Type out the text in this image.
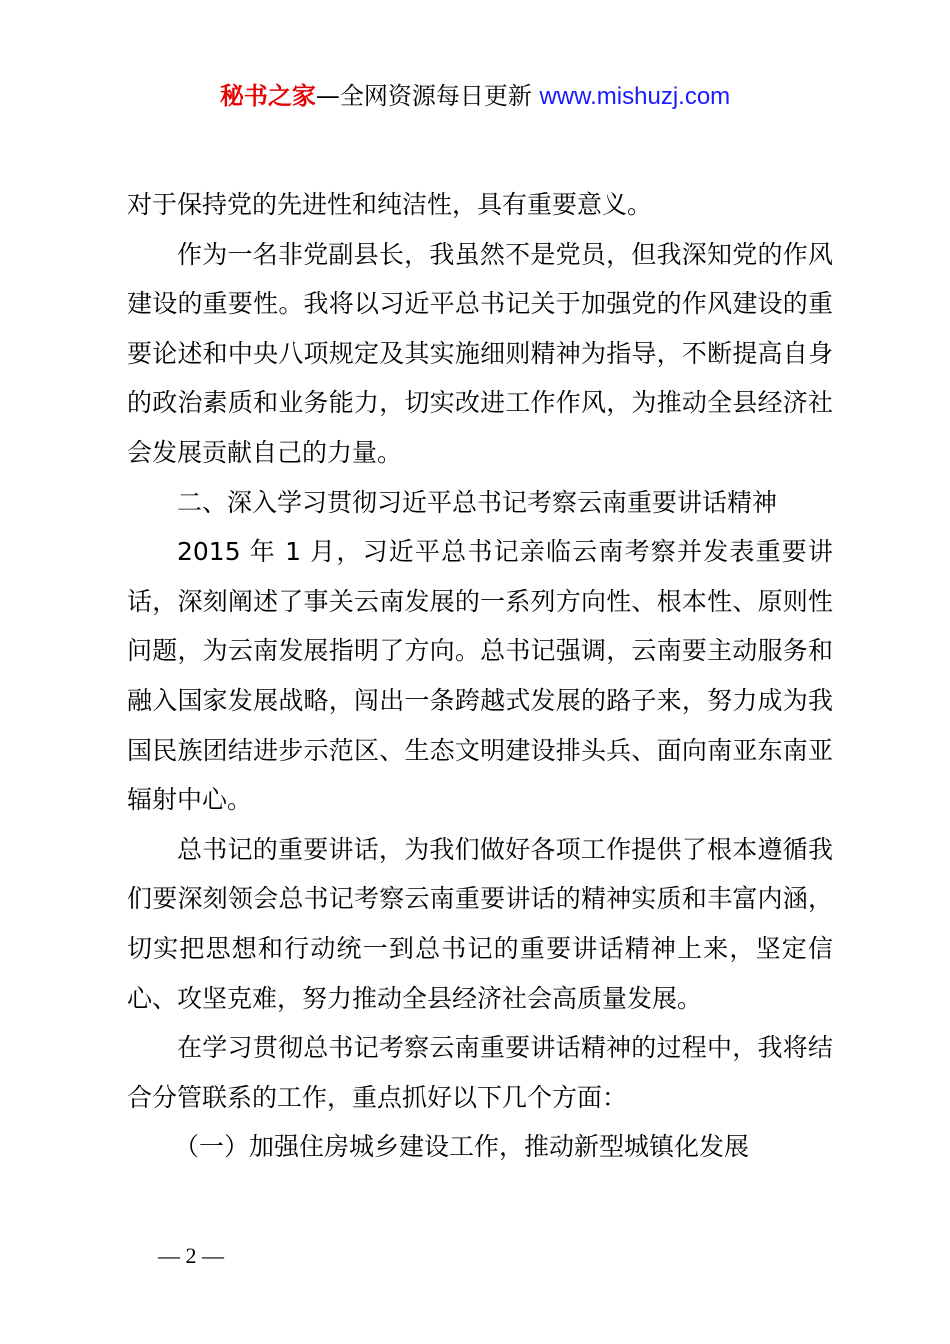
秘书之家—全网资源每日更新 www.mishuzj.com

对于保持党的先进性和纯洁性，具有重要意义。

作为一名非党副县长，我虽然不是党员，但我深知党的作风建设的重要性。我将以习近平总书记关于加强党的作风建设的重要论述和中央八项规定及其实施细则精神为指导，不断提高自身的政治素质和业务能力，切实改进工作作风，为推动全县经济社会发展贡献自己的力量。

二、深入学习贯彻习近平总书记考察云南重要讲话精神

2015 年 1 月，习近平总书记亲临云南考察并发表重要讲话，深刻阐述了事关云南发展的一系列方向性、根本性、原则性问题，为云南发展指明了方向。总书记强调，云南要主动服务和融入国家发展战略，闯出一条跨越式发展的路子来，努力成为我国民族团结进步示范区、生态文明建设排头兵、面向南亚东南亚辐射中心。

总书记的重要讲话，为我们做好各项工作提供了根本遵循我们要深刻领会总书记考察云南重要讲话的精神实质和丰富内涵，切实把思想和行动统一到总书记的重要讲话精神上来，坚定信心、攻坚克难，努力推动全县经济社会高质量发展。

在学习贯彻总书记考察云南重要讲话精神的过程中，我将结合分管联系的工作，重点抓好以下几个方面：

（一）加强住房城乡建设工作，推动新型城镇化发展

— 2 —
